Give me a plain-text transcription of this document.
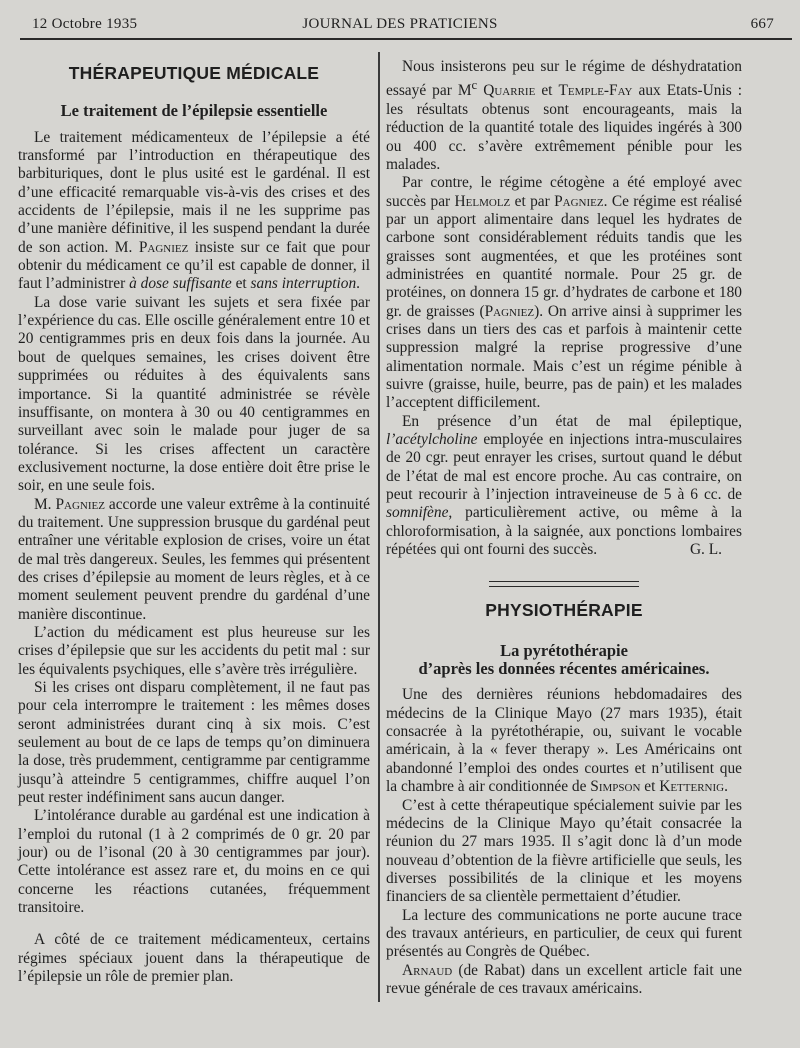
12 Octobre 1935	JOURNAL DES PRATICIENS	667
THÉRAPEUTIQUE MÉDICALE
Le traitement de l’épilepsie essentielle

Le traitement médicamenteux de l’épilepsie a été transformé par l’introduction en thérapeutique des barbituriques, dont le plus usité est le gardénal. Il est d’une efficacité remarquable vis-à-vis des crises et des accidents de l’épilepsie, mais il ne les supprime pas d’une manière définitive, il les suspend pendant la durée de son action. M. Pagniez insiste sur ce fait que pour obtenir du médicament ce qu’il est capable de donner, il faut l’administrer à dose suffisante et sans interruption.

La dose varie suivant les sujets et sera fixée par l’expérience du cas. Elle oscille généralement entre 10 et 20 centigrammes pris en deux fois dans la journée. Au bout de quelques semaines, les crises doivent être supprimées ou réduites à des équivalents sans importance. Si la quantité administrée se révèle insuffisante, on montera à 30 ou 40 centigrammes en surveillant avec soin le malade pour juger de sa tolérance. Si les crises affectent un caractère exclusivement nocturne, la dose entière doit être prise le soir, en une seule fois.

M. Pagniez accorde une valeur extrême à la continuité du traitement. Une suppression brusque du gardénal peut entraîner une véritable explosion de crises, voire un état de mal très dangereux. Seules, les femmes qui présentent des crises d’épilepsie au moment de leurs règles, et à ce moment seulement peuvent prendre du gardénal d’une manière discontinue.

L’action du médicament est plus heureuse sur les crises d’épilepsie que sur les accidents du petit mal : sur les équivalents psychiques, elle s’avère très irrégulière.

Si les crises ont disparu complètement, il ne faut pas pour cela interrompre le traitement : les mêmes doses seront administrées durant cinq à six mois. C’est seulement au bout de ce laps de temps qu’on diminuera la dose, très prudemment, centigramme par centigramme jusqu’à atteindre 5 centigrammes, chiffre auquel l’on peut rester indéfiniment sans aucun danger.

L’intolérance durable au gardénal est une indication à l’emploi du rutonal (1 à 2 comprimés de 0 gr. 20 par jour) ou de l’isonal (20 à 30 centigrammes par jour). Cette intolérance est assez rare et, du moins en ce qui concerne les réactions cutanées, fréquemment transitoire.

A côté de ce traitement médicamenteux, certains régimes spéciaux jouent dans la thérapeutique de l’épilepsie un rôle de premier plan.

Nous insisterons peu sur le régime de déshydratation essayé par $M^c$ Quarrie et Temple-Fay aux Etats-Unis : les résultats obtenus sont encourageants, mais la réduction de la quantité totale des liquides ingérés à 300 ou 400 cc. s’avère extrêmement pénible pour les malades.

Par contre, le régime cétogène a été employé avec succès par Helmolz et par Pagniez. Ce régime est réalisé par un apport alimentaire dans lequel les hydrates de carbone sont considérablement réduits tandis que les graisses sont augmentées, et que les protéines sont administrées en quantité normale. Pour 25 gr. de protéines, on donnera 15 gr. d’hydrates de carbone et 180 gr. de graisses (Pagniez). On arrive ainsi à supprimer les crises dans un tiers des cas et parfois à maintenir cette suppression malgré la reprise progressive d’une alimentation normale. Mais c’est un régime pénible à suivre (graisse, huile, beurre, pas de pain) et les malades l’acceptent difficilement.

En présence d’un état de mal épileptique, l’acétylcholine employée en injections intra-musculaires de 20 cgr. peut enrayer les crises, surtout quand le début de l’état de mal est encore proche. Au cas contraire, on peut recourir à l’injection intraveineuse de 5 à 6 cc. de somnifène, particulièrement active, ou même à la chloroformisation, à la saignée, aux ponctions lombaires répétées qui ont fourni des succès.	G. L.

PHYSIOTHÉRAPIE
La pyrétothérapie
d’après les données récentes américaines.

Une des dernières réunions hebdomadaires des médecins de la Clinique Mayo (27 mars 1935), était consacrée à la pyrétothérapie, ou, suivant le vocable américain, à la « fever therapy ». Les Américains ont abandonné l’emploi des ondes courtes et n’utilisent que la chambre à air conditionnée de Simpson et Ketternig.

C’est à cette thérapeutique spécialement suivie par les médecins de la Clinique Mayo qu’était consacrée la réunion du 27 mars 1935. Il s’agit donc là d’un mode nouveau d’obtention de la fièvre artificielle que seuls, les diverses possibilités de la clinique et les moyens financiers de sa clientèle permettaient d’étudier.

La lecture des communications ne porte aucune trace des travaux antérieurs, en particulier, de ceux qui furent présentés au Congrès de Québec.

Arnaud (de Rabat) dans un excellent article fait une revue générale de ces travaux américains.
